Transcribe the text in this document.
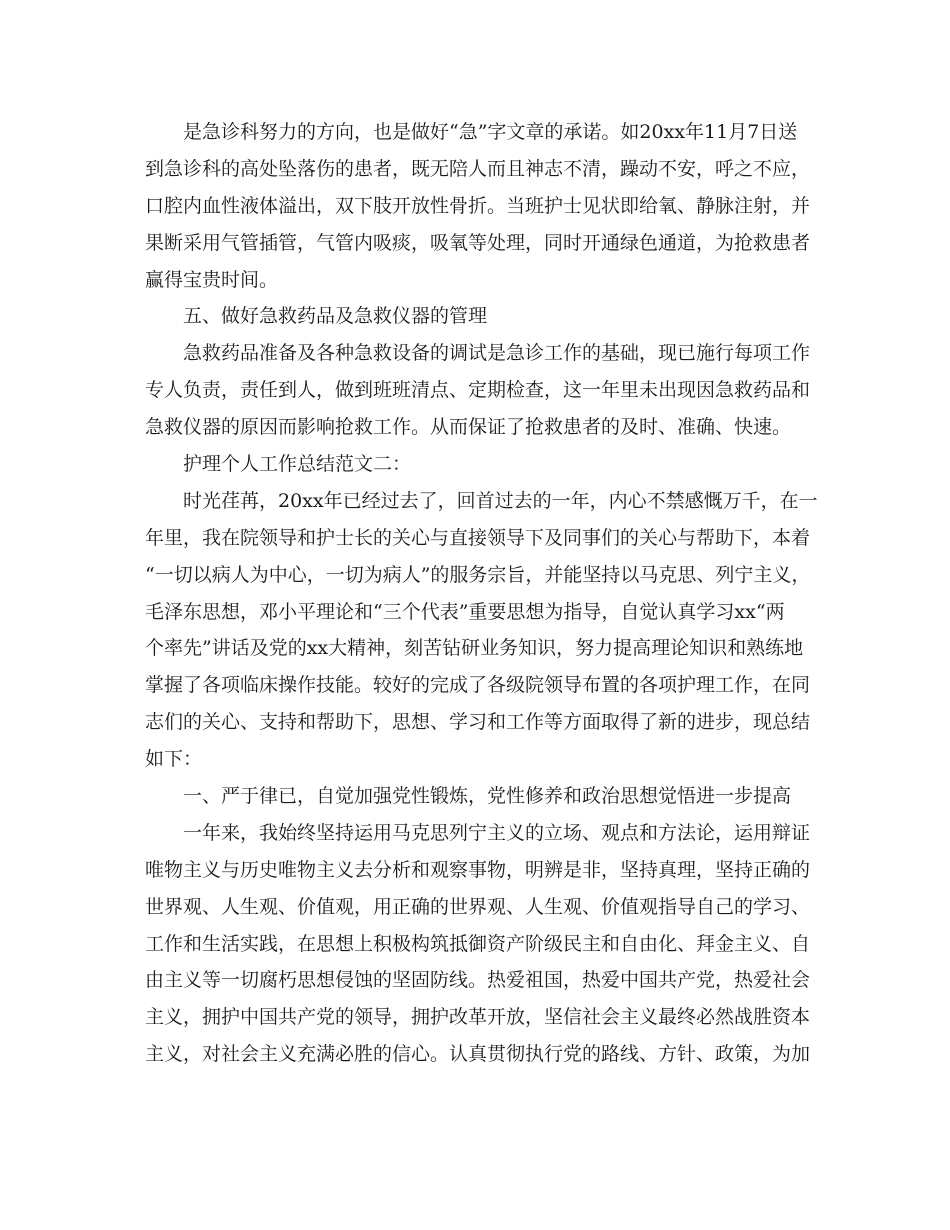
是急诊科努力的方向，也是做好“急”字文章的承诺。如20xx年11月7日送
到急诊科的高处坠落伤的患者，既无陪人而且神志不清，躁动不安，呼之不应，
口腔内血性液体溢出，双下肢开放性骨折。当班护士见状即给氧、静脉注射，并
果断采用气管插管，气管内吸痰，吸氧等处理，同时开通绿色通道，为抢救患者
赢得宝贵时间。
五、做好急救药品及急救仪器的管理
急救药品准备及各种急救设备的调试是急诊工作的基础，现已施行每项工作
专人负责，责任到人，做到班班清点、定期检查，这一年里未出现因急救药品和
急救仪器的原因而影响抢救工作。从而保证了抢救患者的及时、准确、快速。
护理个人工作总结范文二：
时光荏苒，20xx年已经过去了，回首过去的一年，内心不禁感慨万千，在一
年里，我在院领导和护士长的关心与直接领导下及同事们的关心与帮助下，本着
“一切以病人为中心，一切为病人”的服务宗旨，并能坚持以马克思、列宁主义，
毛泽东思想，邓小平理论和“三个代表”重要思想为指导，自觉认真学习xx“两
个率先”讲话及党的xx大精神，刻苦钻研业务知识，努力提高理论知识和熟练地
掌握了各项临床操作技能。较好的完成了各级院领导布置的各项护理工作，在同
志们的关心、支持和帮助下，思想、学习和工作等方面取得了新的进步，现总结
如下：
一、严于律已，自觉加强党性锻炼，党性修养和政治思想觉悟进一步提高
一年来，我始终坚持运用马克思列宁主义的立场、观点和方法论，运用辩证
唯物主义与历史唯物主义去分析和观察事物，明辨是非，坚持真理，坚持正确的
世界观、人生观、价值观，用正确的世界观、人生观、价值观指导自己的学习、
工作和生活实践，在思想上积极构筑抵御资产阶级民主和自由化、拜金主义、自
由主义等一切腐朽思想侵蚀的坚固防线。热爱祖国，热爱中国共产党，热爱社会
主义，拥护中国共产党的领导，拥护改革开放，坚信社会主义最终必然战胜资本
主义，对社会主义充满必胜的信心。认真贯彻执行党的路线、方针、政策，为加
